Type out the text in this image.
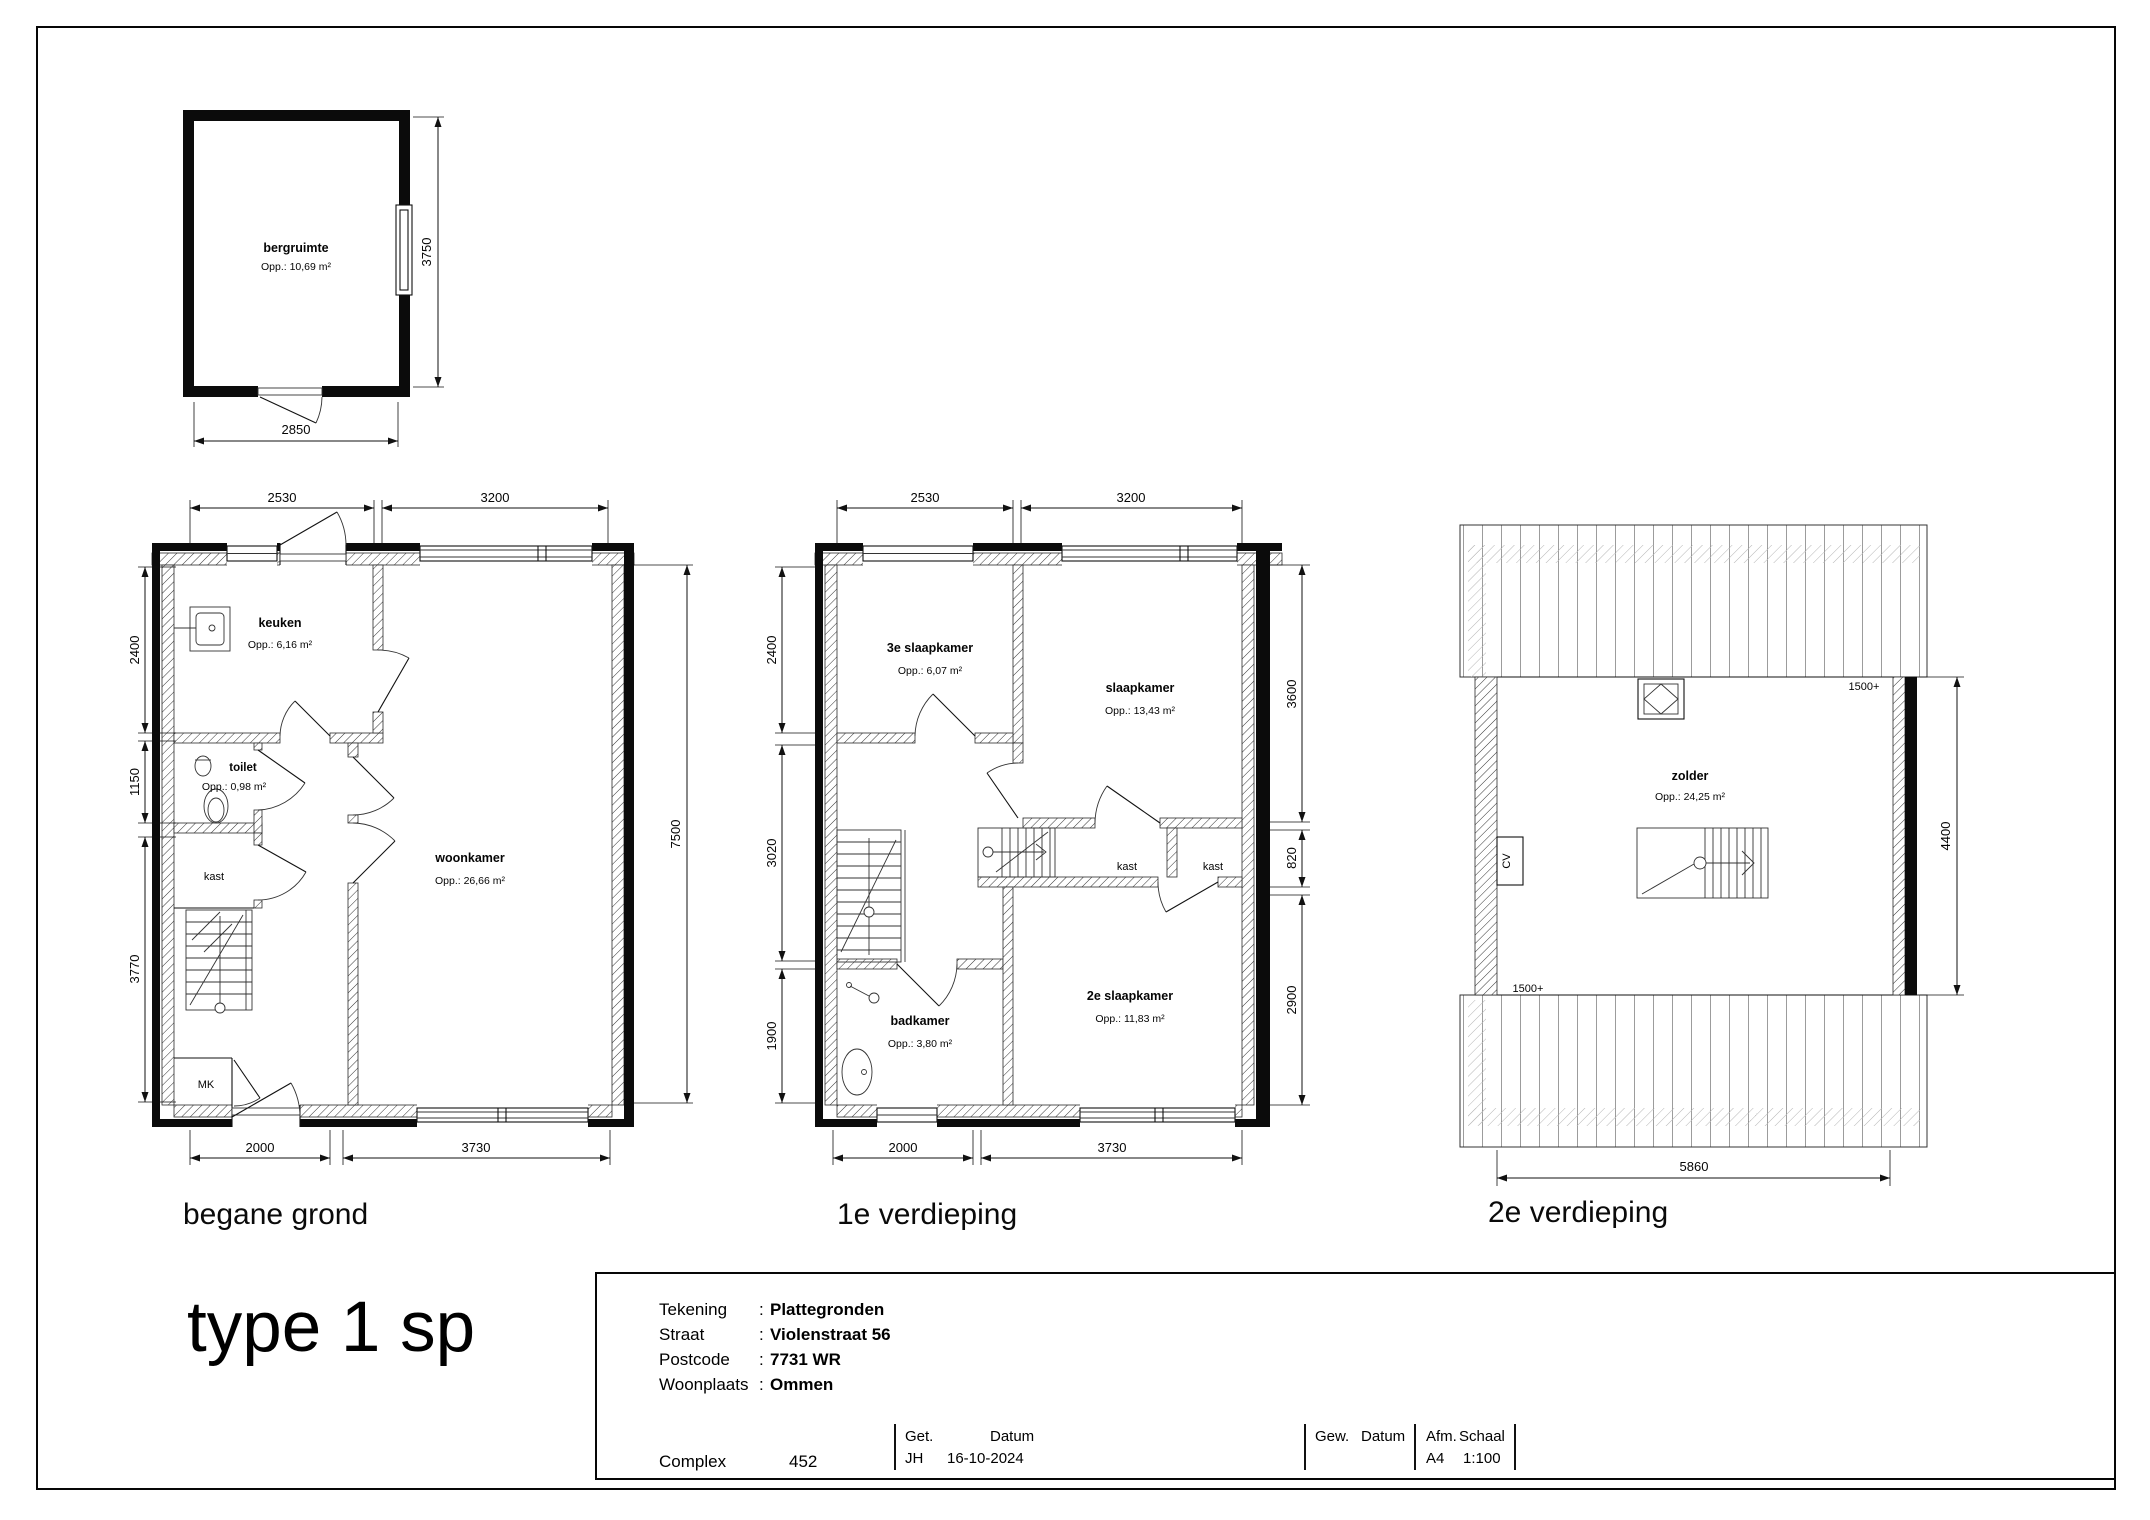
bergruimte
Opp.: 10,69 m²
2850
3750
keuken
Opp.: 6,16 m²
toilet
Opp.: 0,98 m²
kast
MK
woonkamer
Opp.: 26,66 m²
2530	3200
2400
1150
3770
7500
2000	3730
3e slaapkamer
Opp.: 6,07 m²
slaapkamer
Opp.: 13,43 m²
kast	kast
badkamer
Opp.: 3,80 m²
2e slaapkamer
Opp.: 11,83 m²
2530	3200
2400
3020
1900
3600
820
2900
2000	3730
CV
zolder
Opp.: 24,25 m²
1500+
1500+
4400
5860
begane grond	1e verdieping	2e verdieping
type 1 sp	Tekening : Plattegronden
Straat	: Violenstraat 56
Postcode : 7731 WR
Woonplaats : Ommen
Complex	452
Get.	Datum
JH 16-10-2024
Gew. Datum Afm. Schaal
A4 1:100
